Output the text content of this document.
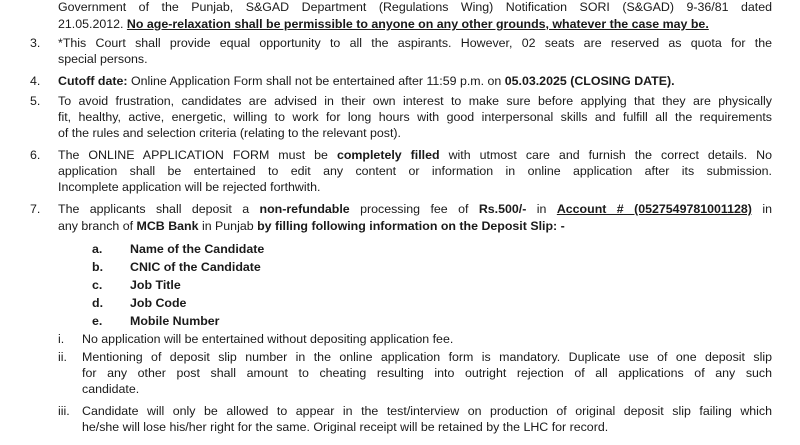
Government of the Punjab, S&GAD Department (Regulations Wing) Notification SORI (S&GAD) 9-36/81 dated
21.05.2012. No age-relaxation shall be permissible to anyone on any other grounds, whatever the case may be.
3.	*This Court shall provide equal opportunity to all the aspirants. However, 02 seats are reserved as quota for the
special persons.
4.	Cutoff date: Online Application Form shall not be entertained after 11:59 p.m. on 05.03.2025 (CLOSING DATE).
5.	To avoid frustration, candidates are advised in their own interest to make sure before applying that they are physically
fit, healthy, active, energetic, willing to work for long hours with good interpersonal skills and fulfill all the requirements
of the rules and selection criteria (relating to the relevant post).
6.	The ONLINE APPLICATION FORM must be completely filled with utmost care and furnish the correct details. No
application shall be entertained to edit any content or information in online application after its submission.
Incomplete application will be rejected forthwith.
7.	The applicants shall deposit a non-refundable processing fee of Rs.500/- in Account # (0527549781001128) in
any branch of MCB Bank in Punjab by filling following information on the Deposit Slip: -
a.	Name of the Candidate
b.	CNIC of the Candidate
c.	Job Title
d.	Job Code
e.	Mobile Number
i.	No application will be entertained without depositing application fee.
ii.	Mentioning of deposit slip number in the online application form is mandatory. Duplicate use of one deposit slip
for any other post shall amount to cheating resulting into outright rejection of all applications of any such
candidate.
iii. Candidate will only be allowed to appear in the test/interview on production of original deposit slip failing which
he/she will lose his/her right for the same. Original receipt will be retained by the LHC for record.
